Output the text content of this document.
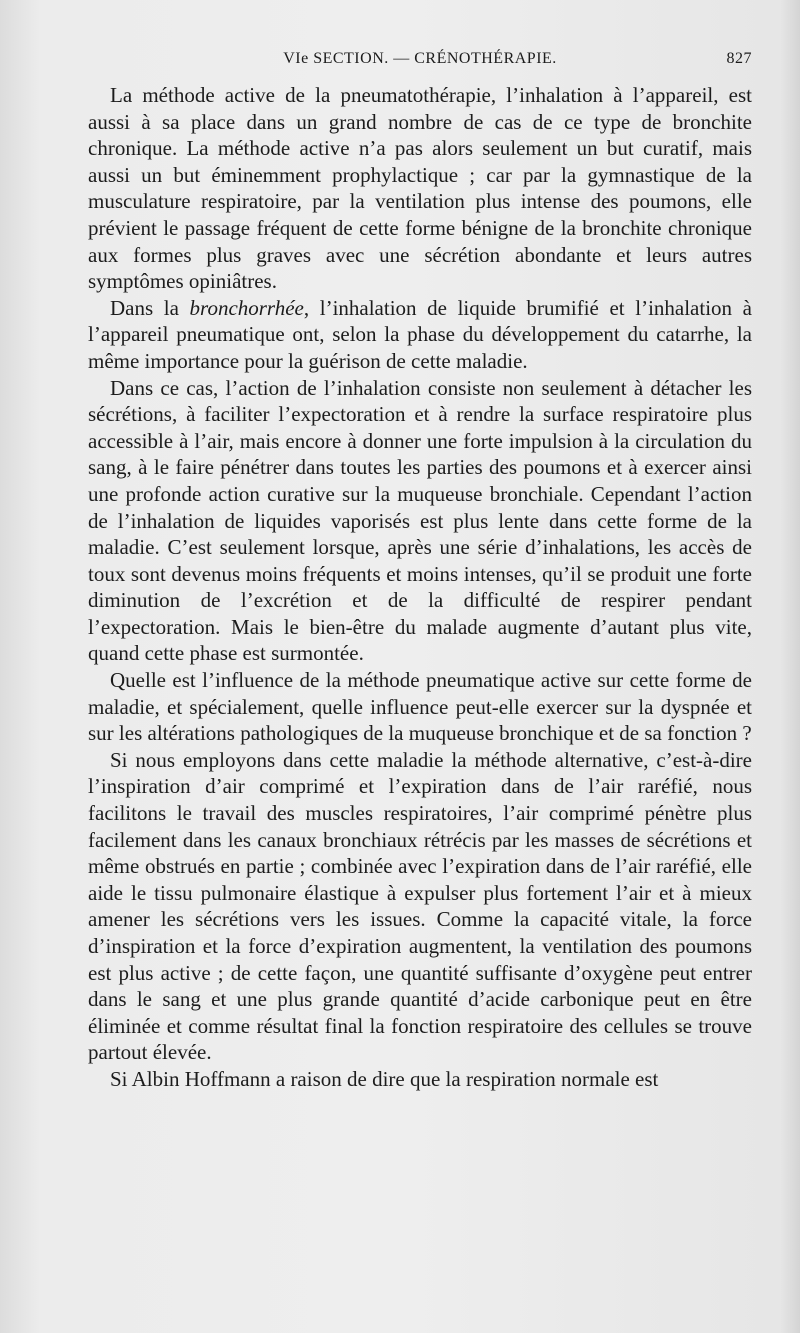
VIe SECTION. — CRÉNOTHÉRAPIE.	827

La méthode active de la pneumatothérapie, l’inhalation à l’appareil, est aussi à sa place dans un grand nombre de cas de ce type de bronchite chronique. La méthode active n’a pas alors seulement un but curatif, mais aussi un but éminemment prophylactique ; car par la gymnastique de la musculature respiratoire, par la ventilation plus intense des poumons, elle prévient le passage fréquent de cette forme bénigne de la bronchite chronique aux formes plus graves avec une sécrétion abondante et leurs autres symptômes opiniâtres.

Dans la bronchorrhée, l’inhalation de liquide brumifié et l’inhalation à l’appareil pneumatique ont, selon la phase du développement du catarrhe, la même importance pour la guérison de cette maladie.

Dans ce cas, l’action de l’inhalation consiste non seulement à détacher les sécrétions, à faciliter l’expectoration et à rendre la surface respiratoire plus accessible à l’air, mais encore à donner une forte impulsion à la circulation du sang, à le faire pénétrer dans toutes les parties des poumons et à exercer ainsi une profonde action curative sur la muqueuse bronchiale. Cependant l’action de l’inhalation de liquides vaporisés est plus lente dans cette forme de la maladie. C’est seulement lorsque, après une série d’inhalations, les accès de toux sont devenus moins fréquents et moins intenses, qu’il se produit une forte diminution de l’excrétion et de la difficulté de respirer pendant l’expectoration. Mais le bien-être du malade augmente d’autant plus vite, quand cette phase est surmontée.

Quelle est l’influence de la méthode pneumatique active sur cette forme de maladie, et spécialement, quelle influence peut-elle exercer sur la dyspnée et sur les altérations pathologiques de la muqueuse bronchique et de sa fonction ?

Si nous employons dans cette maladie la méthode alternative, c’est-à-dire l’inspiration d’air comprimé et l’expiration dans de l’air raréfié, nous facilitons le travail des muscles respiratoires, l’air comprimé pénètre plus facilement dans les canaux bronchiaux rétrécis par les masses de sécrétions et même obstrués en partie ; combinée avec l’expiration dans de l’air raréfié, elle aide le tissu pulmonaire élastique à expulser plus fortement l’air et à mieux amener les sécrétions vers les issues. Comme la capacité vitale, la force d’inspiration et la force d’expiration augmentent, la ventilation des poumons est plus active ; de cette façon, une quantité suffisante d’oxygène peut entrer dans le sang et une plus grande quantité d’acide carbonique peut en être éliminée et comme résultat final la fonction respiratoire des cellules se trouve partout élevée.

Si Albin Hoffmann a raison de dire que la respiration normale est
